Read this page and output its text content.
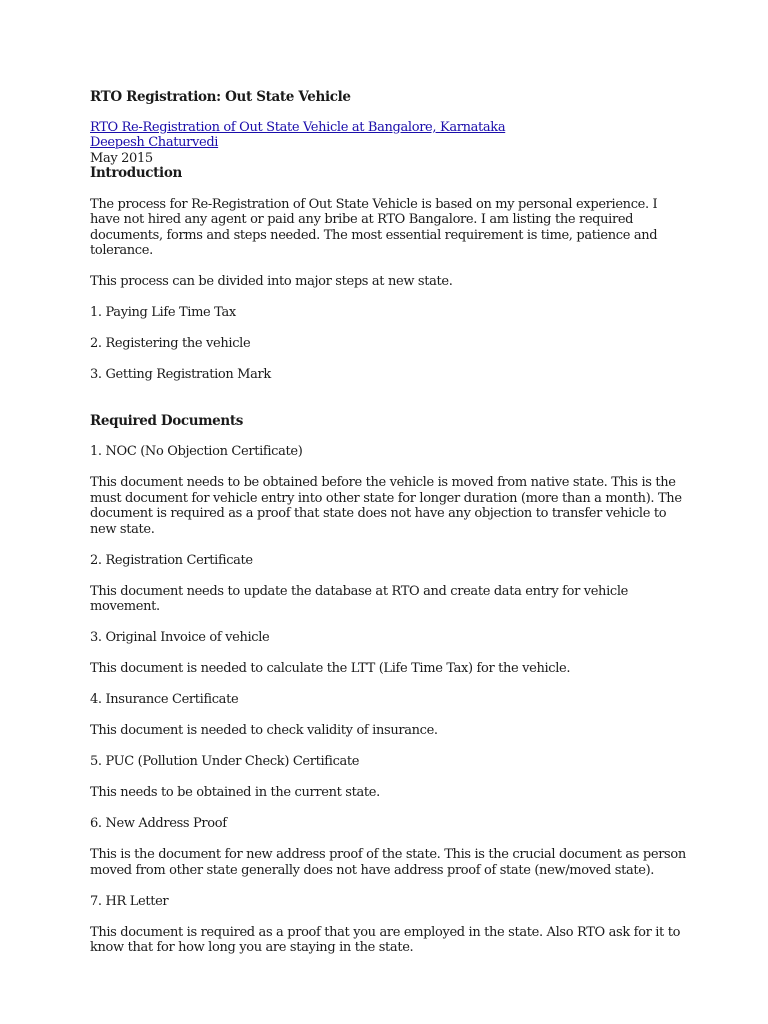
RTO Registration: Out State Vehicle
RTO Re-Registration of Out State Vehicle at Bangalore, Karnataka
Deepesh Chaturvedi
May 2015
Introduction

The process for Re-Registration of Out State Vehicle is based on my personal experience. I have not hired any agent or paid any bribe at RTO Bangalore. I am listing the required documents, forms and steps needed. The most essential requirement is time, patience and tolerance.

This process can be divided into major steps at new state.

1. Paying Life Time Tax

2. Registering the vehicle

3. Getting Registration Mark

Required Documents

1. NOC (No Objection Certificate)

This document needs to be obtained before the vehicle is moved from native state. This is the must document for vehicle entry into other state for longer duration (more than a month). The document is required as a proof that state does not have any objection to transfer vehicle to new state.

2. Registration Certificate

This document needs to update the database at RTO and create data entry for vehicle movement.

3. Original Invoice of vehicle

This document is needed to calculate the LTT (Life Time Tax) for the vehicle.

4. Insurance Certificate

This document is needed to check validity of insurance.

5. PUC (Pollution Under Check) Certificate

This needs to be obtained in the current state.

6. New Address Proof

This is the document for new address proof of the state. This is the crucial document as person moved from other state generally does not have address proof of state (new/moved state).

7. HR Letter

This document is required as a proof that you are employed in the state. Also RTO ask for it to know that for how long you are staying in the state.
